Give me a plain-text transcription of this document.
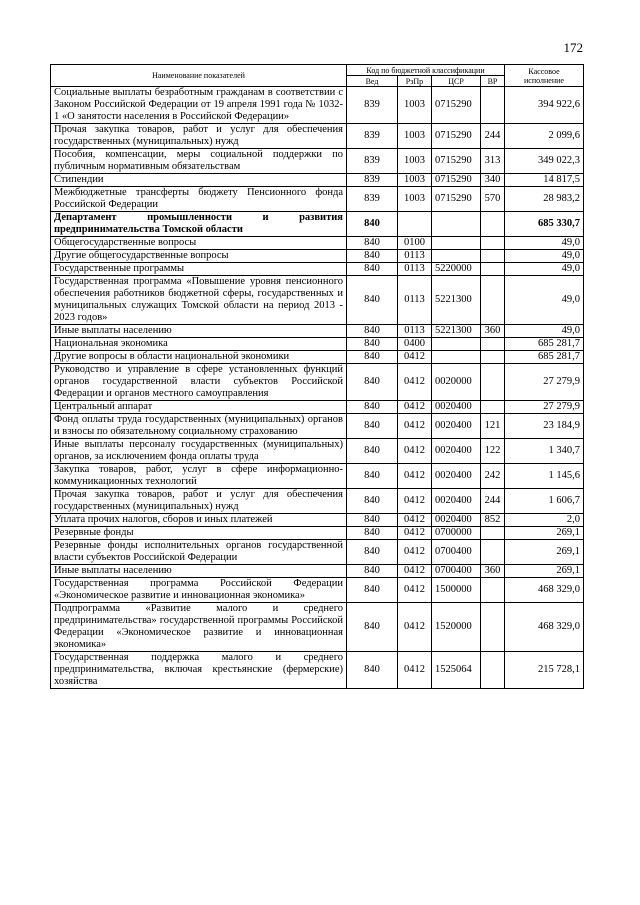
172
Наименование показателей	Код по бюджетной классификации				Кассовое исполнение
	Вед	РзПр	ЦСР	ВР	
Социальные выплаты безработным гражданам в соответствии с Законом Российской Федерации от 19 апреля 1991 года № 1032-1 «О занятости населения в Российской Федерации»	839	1003	0715290		394 922,6
Прочая закупка товаров, работ и услуг для обеспечения государственных (муниципальных) нужд	839	1003	0715290	244	2 099,6
Пособия, компенсации, меры социальной поддержки по публичным нормативным обязательствам	839	1003	0715290	313	349 022,3
Стипендии	839	1003	0715290	340	14 817,5
Межбюджетные трансферты бюджету Пенсионного фонда Российской Федерации	839	1003	0715290	570	28 983,2
Департамент промышленности и развития предпринимательства Томской области	840				685 330,7
Общегосударственные вопросы	840	0100			49,0
Другие общегосударственные вопросы	840	0113			49,0
Государственные программы	840	0113	5220000		49,0
Государственная программа «Повышение уровня пенсионного обеспечения работников бюджетной сферы, государственных и муниципальных служащих Томской области на период 2013 - 2023 годов»	840	0113	5221300		49,0
Иные выплаты населению	840	0113	5221300	360	49,0
Национальная экономика	840	0400			685 281,7
Другие вопросы в области национальной экономики	840	0412			685 281,7
Руководство и управление в сфере установленных функций органов государственной власти субъектов Российской Федерации и органов местного самоуправления	840	0412	0020000		27 279,9
Центральный аппарат	840	0412	0020400		27 279,9
Фонд оплаты труда государственных (муниципальных) органов и взносы по обязательному социальному страхованию	840	0412	0020400	121	23 184,9
Иные выплаты персоналу государственных (муниципальных) органов, за исключением фонда оплаты труда	840	0412	0020400	122	1 340,7
Закупка товаров, работ, услуг в сфере информационно-коммуникационных технологий	840	0412	0020400	242	1 145,6
Прочая закупка товаров, работ и услуг для обеспечения государственных (муниципальных) нужд	840	0412	0020400	244	1 606,7
Уплата прочих налогов, сборов и иных платежей	840	0412	0020400	852	2,0
Резервные фонды	840	0412	0700000		269,1
Резервные фонды исполнительных органов государственной власти субъектов Российской Федерации	840	0412	0700400		269,1
Иные выплаты населению	840	0412	0700400	360	269,1
Государственная программа Российской Федерации «Экономическое развитие и инновационная экономика»	840	0412	1500000		468 329,0
Подпрограмма «Развитие малого и среднего предпринимательства» государственной программы Российской Федерации «Экономическое развитие и инновационная экономика»	840	0412	1520000		468 329,0
Государственная поддержка малого и среднего предпринимательства, включая крестьянские (фермерские) хозяйства	840	0412	1525064		215 728,1
